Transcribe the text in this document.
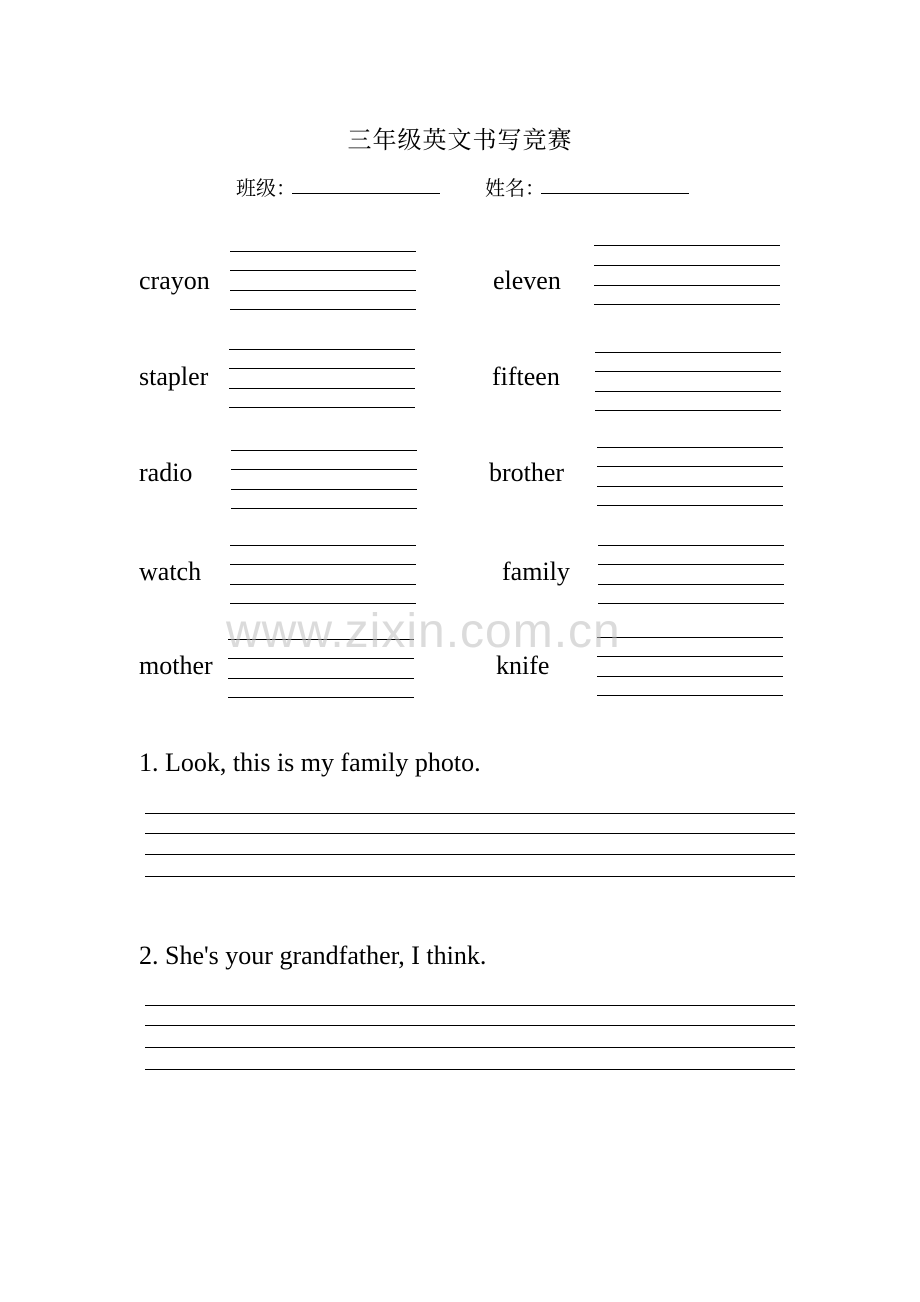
三年级英文书写竞赛
班级：	姓名：
crayon
stapler
radio
watch
mother
eleven
fifteen
brother
family
knife
www.zixin.com.cn
1. Look, this is my family photo.
2. She's your grandfather, I think.
